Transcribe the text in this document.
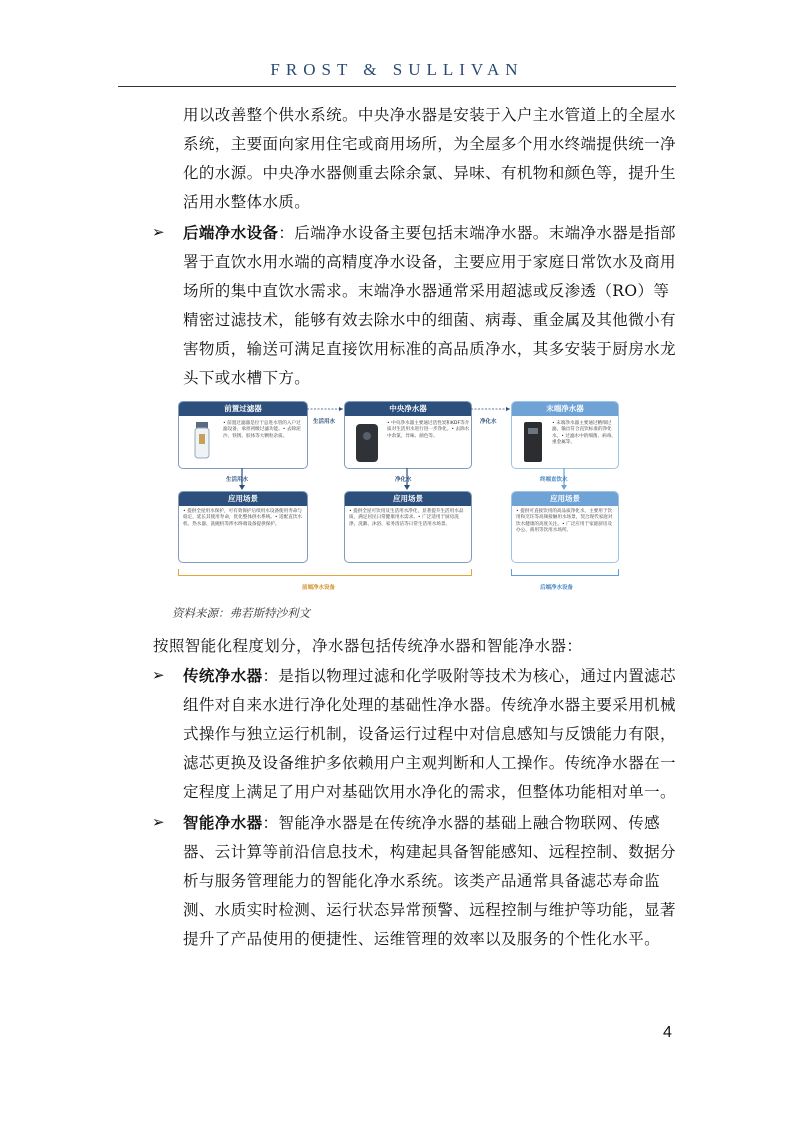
FROST & SULLIVAN

用以改善整个供水系统。中央净水器是安装于入户主水管道上的全屋水系统，主要面向家用住宅或商用场所，为全屋多个用水终端提供统一净化的水源。中央净水器侧重去除余氯、异味、有机物和颜色等，提升生活用水整体水质。

➢ 后端净水设备：后端净水设备主要包括末端净水器。末端净水器是指部署于直饮水用水端的高精度净水设备，主要应用于家庭日常饮水及商用场所的集中直饮水需求。末端净水器通常采用超滤或反渗透（RO）等精密过滤技术，能够有效去除水中的细菌、病毒、重金属及其他微小有害物质，输送可满足直接饮用标准的高品质净水，其多安装于厨房水龙头下或水槽下方。

前置过滤器
• 前置过滤器是位于总进水管的入户过滤设备，承担初级过滤功能。• 去除泥沙、铁锈、胶体等大颗粒杂质。
中央净水器
• 中央净水器主要通过活性炭和KDF等介质对生活用水进行进一步净化。• 去除水中余氯、异味、颜色等。
末端净水器
• 末端净水器主要通过精细过滤，输出符合直饮标准的净化水。• 过滤水中的细菌、病毒、重金属等。
生活用水	净化水
生活用水	净化水	终端直饮水
应用场景
• 提供全屋用水保护，可有效保护后续用水设备使用寿命与稳定，延长其使用寿命，优化整体供水系统。• 适配直饮水机、热水器、洗碗机等涉水终端设备提供保护。
应用场景
• 提供全屋可饮用及生活用水净化，显著提升生活用水品质，满足居民日常健康用水需求。• 广泛适用于厨房洗涤、洗漱、沐浴、家务清洁等日常生活用水场景。
应用场景
• 提供可直接饮用的高品质净化水，主要用于饮用和烹饪等高频接触用水场景，契合现代家庭对饮水健康的高度关注。• 广泛应用于家庭厨房及办公、商用等饮用水场所。
前端净水设备	后端净水设备
资料来源：弗若斯特沙利文

按照智能化程度划分，净水器包括传统净水器和智能净水器：

➢ 传统净水器：是指以物理过滤和化学吸附等技术为核心，通过内置滤芯组件对自来水进行净化处理的基础性净水器。传统净水器主要采用机械式操作与独立运行机制，设备运行过程中对信息感知与反馈能力有限，滤芯更换及设备维护多依赖用户主观判断和人工操作。传统净水器在一定程度上满足了用户对基础饮用水净化的需求，但整体功能相对单一。

➢ 智能净水器：智能净水器是在传统净水器的基础上融合物联网、传感器、云计算等前沿信息技术，构建起具备智能感知、远程控制、数据分析与服务管理能力的智能化净水系统。该类产品通常具备滤芯寿命监测、水质实时检测、运行状态异常预警、远程控制与维护等功能，显著提升了产品使用的便捷性、运维管理的效率以及服务的个性化水平。

4
